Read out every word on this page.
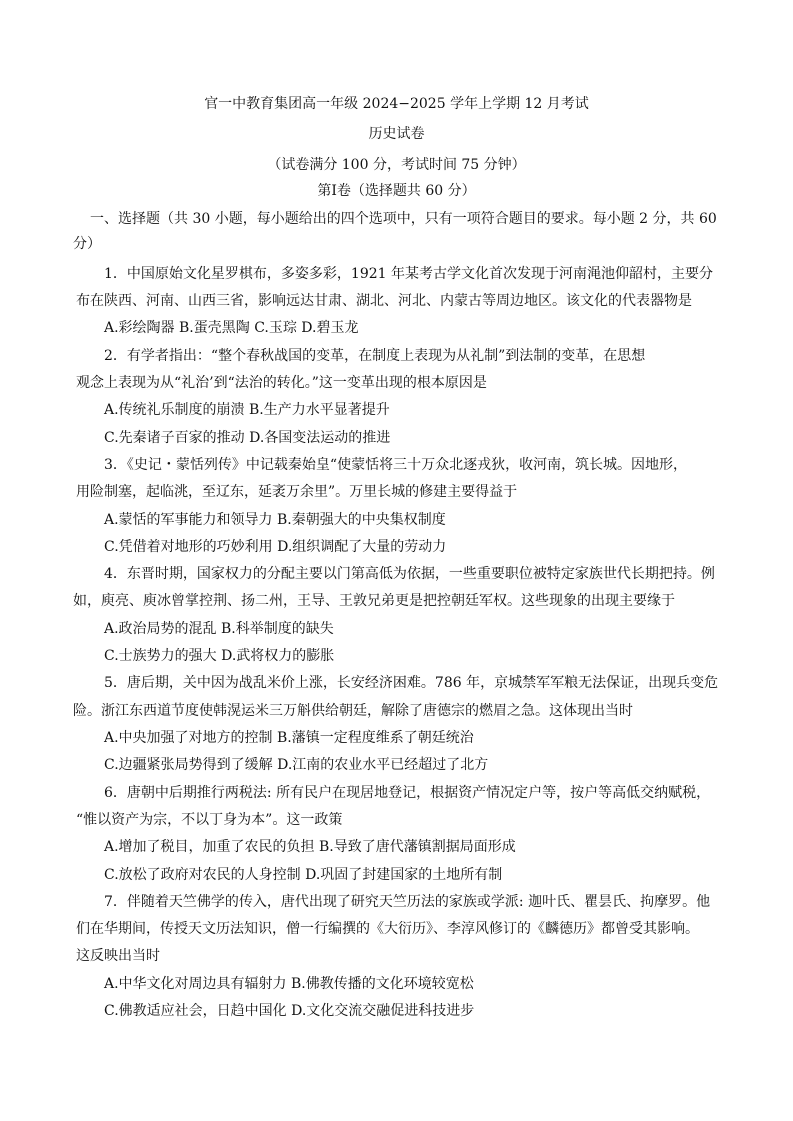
官一中教育集团高一年级 2024−2025 学年上学期 12 月考试
历史试卷
（试卷满分 100 分，考试时间 75 分钟）
第Ⅰ卷（选择题共 60 分）
一、选择题（共 30 小题，每小题给出的四个选项中，只有一项符合题目的要求。每小题 2 分，共 60
分）
1．中国原始文化星罗棋布，多姿多彩，1921 年某考古学文化首次发现于河南渑池仰韶村，主要分
布在陕西、河南、山西三省，影响远达甘肃、湖北、河北、内蒙古等周边地区。该文化的代表器物是
A.彩绘陶器 B.蛋壳黑陶 C.玉琮 D.碧玉龙
2．有学者指出：“整个春秋战国的变革，在制度上表现为从礼制”到法制的变革，在思想
观念上表现为从“礼治’到“法治的转化。”这一变革出现的根本原因是
A.传统礼乐制度的崩溃 B.生产力水平显著提升
C.先秦诸子百家的推动 D.各国变法运动的推进
3．《史记・蒙恬列传》中记载秦始皇“使蒙恬将三十万众北逐戎狄，收河南，筑长城。因地形，
用险制塞，起临洮，至辽东，延袤万余里”。万里长城的修建主要得益于
A.蒙恬的军事能力和领导力 B.秦朝强大的中央集权制度
C.凭借着对地形的巧妙利用 D.组织调配了大量的劳动力
4．东晋时期，国家权力的分配主要以门第高低为依据，一些重要职位被特定家族世代长期把持。例
如，庾亮、庾冰曾掌控荆、扬二州，王导、王敦兄弟更是把控朝廷军权。这些现象的出现主要缘于
A.政治局势的混乱 B.科举制度的缺失
C.士族势力的强大 D.武将权力的膨胀
5．唐后期，关中因为战乱米价上涨，长安经济困难。786 年，京城禁军军粮无法保证，出现兵变危
险。浙江东西道节度使韩滉运米三万斛供给朝廷，解除了唐德宗的燃眉之急。这体现出当时
A.中央加强了对地方的控制 B.藩镇一定程度维系了朝廷统治
C.边疆紧张局势得到了缓解 D.江南的农业水平已经超过了北方
6．唐朝中后期推行两税法: 所有民户在现居地登记，根据资产情况定户等，按户等高低交纳赋税，
“惟以资产为宗，不以丁身为本”。这一政策
A.增加了税目，加重了农民的负担 B.导致了唐代藩镇割据局面形成
C.放松了政府对农民的人身控制 D.巩固了封建国家的土地所有制
7．伴随着天竺佛学的传入，唐代出现了研究天竺历法的家族或学派: 迦叶氏、瞿昙氏、拘摩罗。他
们在华期间，传授天文历法知识，僧一行编撰的《大衍历》、李淳风修订的《麟德历》都曾受其影响。
这反映出当时
A.中华文化对周边具有辐射力 B.佛教传播的文化环境较宽松
C.佛教适应社会，日趋中国化 D.文化交流交融促进科技进步
